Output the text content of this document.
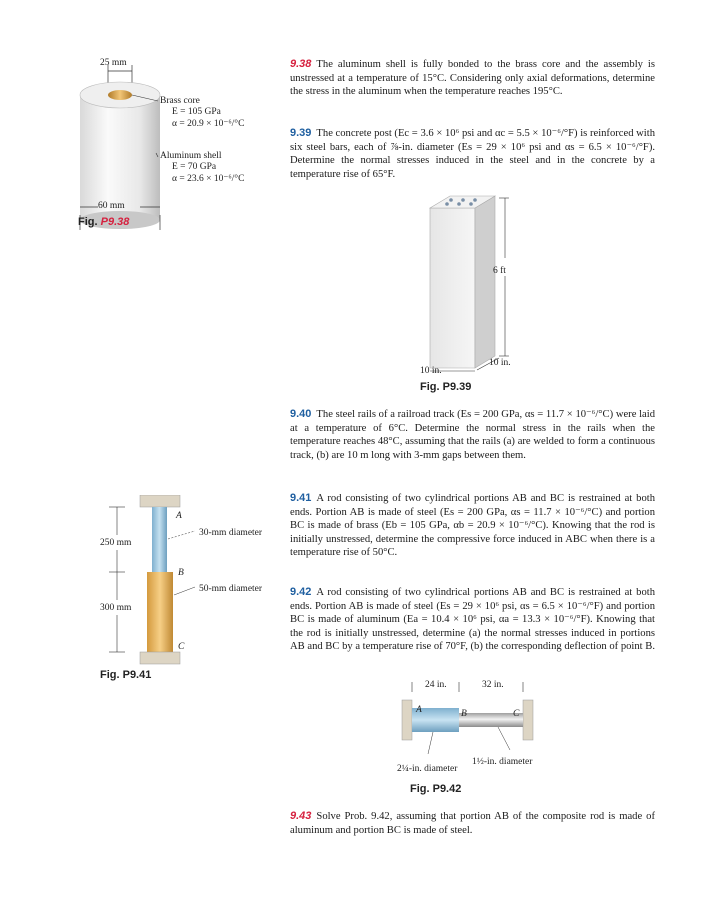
25 mm
60 mm
Brass core
E = 105 GPa
α = 20.9 × 10⁻⁶/°C
Aluminum shell
E = 70 GPa
α = 23.6 × 10⁻⁶/°C
Fig. P9.38
9.38 The aluminum shell is fully bonded to the brass core and the assembly is unstressed at a temperature of 15°C. Considering only axial deformations, determine the stress in the aluminum when the temperature reaches 195°C.
9.39 The concrete post (Ec = 3.6 × 10⁶ psi and αc = 5.5 × 10⁻⁶/°F) is reinforced with six steel bars, each of ⅞-in. diameter (Es = 29 × 10⁶ psi and αs = 6.5 × 10⁻⁶/°F). Determine the normal stresses induced in the steel and in the concrete by a temperature rise of 65°F.
6 ft
10 in.
10 in.
Fig. P9.39
9.40 The steel rails of a railroad track (Es = 200 GPa, αs = 11.7 × 10⁻⁶/°C) were laid at a temperature of 6°C. Determine the normal stress in the rails when the temperature reaches 48°C, assuming that the rails (a) are welded to form a continuous track, (b) are 10 m long with 3-mm gaps between them.
A
B
C
30-mm diameter
50-mm diameter
250 mm
300 mm
Fig. P9.41
9.41 A rod consisting of two cylindrical portions AB and BC is restrained at both ends. Portion AB is made of steel (Es = 200 GPa, αs = 11.7 × 10⁻⁶/°C) and portion BC is made of brass (Eb = 105 GPa, αb = 20.9 × 10⁻⁶/°C). Knowing that the rod is initially unstressed, determine the compressive force induced in ABC when there is a temperature rise of 50°C.
9.42 A rod consisting of two cylindrical portions AB and BC is restrained at both ends. Portion AB is made of steel (Es = 29 × 10⁶ psi, αs = 6.5 × 10⁻⁶/°F) and portion BC is made of aluminum (Ea = 10.4 × 10⁶ psi, αa = 13.3 × 10⁻⁶/°F). Knowing that the rod is initially unstressed, determine (a) the normal stresses induced in portions AB and BC by a temperature rise of 70°F, (b) the corresponding deflection of point B.
24 in.	32 in.
A	B	C
2¼-in. diameter
1½-in. diameter
Fig. P9.42
9.43 Solve Prob. 9.42, assuming that portion AB of the composite rod is made of aluminum and portion BC is made of steel.
